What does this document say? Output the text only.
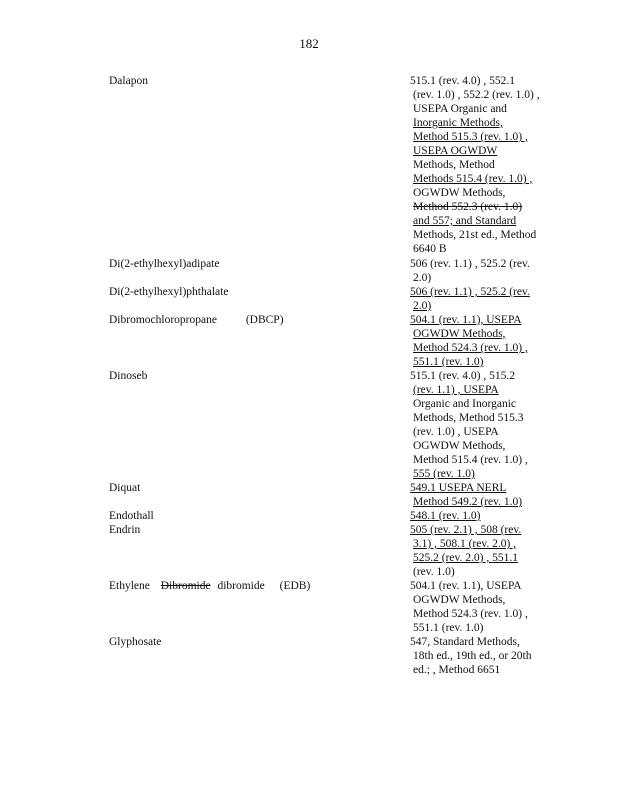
182
Dalapon	515.1 (rev. 4.0) , 552.1
(rev. 1.0) , 552.2 (rev. 1.0) ,
USEPA Organic and
Inorganic Methods,
Method 515.3 (rev. 1.0) ,
USEPA OGWDW
Methods, Method
Methods 515.4 (rev. 1.0) ,
OGWDW Methods,
Method 552.3 (rev. 1.0)
and 557; and Standard
Methods, 21st ed., Method
6640 B
Di(2-ethylhexyl)adipate	506 (rev. 1.1) , 525.2 (rev.
2.0)
Di(2-ethylhexyl)phthalate	506 (rev. 1.1) , 525.2 (rev.
2.0)
Dibromochloropropane	(DBCP)	504.1 (rev. 1.1), USEPA
OGWDW Methods,
Method 524.3 (rev. 1.0) ,
551.1 (rev. 1.0)
Dinoseb	515.1 (rev. 4.0) , 515.2
(rev. 1.1) , USEPA
Organic and Inorganic
Methods, Method 515.3
(rev. 1.0) , USEPA
OGWDW Methods,
Method 515.4 (rev. 1.0) ,
555 (rev. 1.0)
Diquat	549.1 USEPA NERL
Method 549.2 (rev. 1.0)
Endothall	548.1 (rev. 1.0)
Endrin	505 (rev. 2.1) , 508 (rev.
3.1) , 508.1 (rev. 2.0) ,
525.2 (rev. 2.0) , 551.1
(rev. 1.0)
Ethylene Dibromide dibromide (EDB)	504.1 (rev. 1.1), USEPA
OGWDW Methods,
Method 524.3 (rev. 1.0) ,
551.1 (rev. 1.0)
Glyphosate	547, Standard Methods,
18th ed., 19th ed., or 20th
ed.; , Method 6651
